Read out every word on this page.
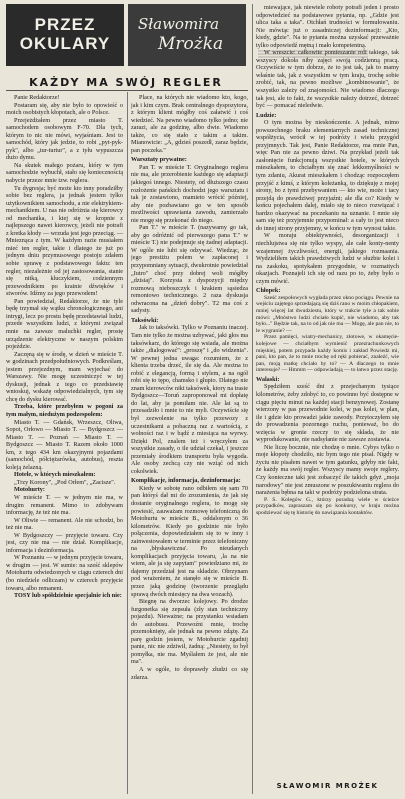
PRZEZ
OKULARY
Sławomira
Mrożka
KAŻDY MA SWÓJ REGLER

Panie Redaktorze!

Postaram się, aby nie było to opowieść o moich osobistych kłopotach, ale o Polsce.

Przejeżdżałem przez miasto T. samochodem osobowym F-70. Dla tych, którym to nic nie mówi, wyjaśniam. Jest to samochód, który jak jedzie, to robi „pyt-pyk-pyk", albo „tur-turtur", a z tyłu wypuszcza dużo dymu.

Na skutek małego pożaru, który w tym samochodzie wybuchł, stało się koniecznością nabycie przeze mnie tzw. reglera.

Tu dygresja; być może kto inny poradziłby sobie bez reglera, ja jednak jestem tylko użytkownikiem samochodu, a nie elektrykiem-mechanikiem. U nas nie odróżnia się kierowcy od mechanika, i kiej się w kropnie z najlepszego nawet kierowcy, jeżeli nie potrafi z kretka kłody — wrzuda jest jego przeciąg. — Mnieznąca z tym. W każdym razie musiałem mieć ten regler, takie i dlatego że już po jednym dniu przymusowego postoju zdałem sobie sprawę z podstawowego faktu: ten regler, niezależnie od jej zastosowania, stanie się nitką, kluczykiem, codziennym przewodnikiem po krainie dźwięków i stworów. Idźmy za jego przewodem!

Pan powiedział, Redaktorze, że nie tyle będę trzymał się wątku chronologicznego, ani intrygi, lecz po prostu będę przedstawiał ludzi, przede wszystkim ludzi, z którymi związał mnie na zawsze maluchki regler, prostę urządzenie elektryczne w naszym polskim pojeździe.

Zaczęną się w środę, w dzień w mieście T. w godzinach przedpołudniowych. Podkreślam, jestem przejezdnym, mam wyjechać do Warszawy. Nie mogę uczestniczyć w tej dyskusji, jednak z tego co przedstawię wnioskuj, wskażę odpowiedzialnych, tym się chcę do dysku kierować.

Trzeba, które przebyłem w pogoni za tym małym, niedużym podzespołem:

Miasto T. — Gdańsk, Wrzeszcz, Oliwa, Sopot, Orłowo — Miasto T. — Bydgoszcz — Miasto T. — Poznań — Miasto T. — Bydgoszcz — Miasto T. Razem około 1000 km, z tego 434 km okazyjnymi pojazdami (samochód, półciężarówka, autobus), reszta koleją żelazną.

Hotele, w których mieszkałem:

„Trzy Korony", „Pod Orłem", „Zacisze".

Motohurty:

W mieście T. — w jednym nie ma, w drugim remanent. Mimo to zdobywam informację, że też nie ma.

W Oliwie — remanent. Ale nie schodzi, bo też nie ma.

W Bydgoszczy — przyjęcie towaru. Czy jest, czy nie ma — nie dział. Komplikacje, informacja i dezinformacja.

W Poznaniu — w jednym przyjęcie towaru, w drugim — jest. W sumie: na sześć sklepów Motohurtu odwiedzonych w ciągu czterech dni (bo niedziele odliczam) w czterech przyjęcie towaru, albo remanent.

TOSY lub spółdzielnie specjalnie ich nie:

Place, na których nie wiadomo kto, kogo, jak i kim czym. Brak centralnego dyspozytora, z którym klient mógłby coś załatwić i coś wiedzieć. Na pewno wiadomo tylko jedno; nie zarazi, ale za godzinę, albo dwie. Wiadomo także, co się stało z takim a takim. Mianowicie: „A, gdzieś poszedł, zaraz będzie, pan poczeka."

Warsztaty prywatne:

Pan T. w mieście T. Oryginalnego reglera nie ma, ale przerobienie każdego się adaptacji jakiegoś innego. Niestety, od dłuższego czasu rozłożenie pańskich dochodzi jego warsztatu i tak je zostawiono, mamieto wrócić później, aby nie pozbawiano go w ten sposób możliwości uprawiania zawodu, zamierzało nie mogę się przekonać do niego.

Pan T." w mieście T. (nazywamy go tak, aby go odróżnić od pierwszego pana T." w mieście T.) nie podejmuje się żadnej adaptacji. W ogóle nie lubi się odzywać. Wiedząc, że jego prestiżu polem w zapłaconej i przypomniany sytuacji, dwukrotnie powiedział „Iutro" choć przy dobrej woli mógłby „dzisiaj". Korzysta z dyspozycji między rozmową nieboszczyk i krakiem sąsiedza remontowo technicznego. 2 raza dyskusja odwracona na „dzień dobry". T2 ma coś z sadysty.

Taksówki:

Jak to taksówki. Tylko w Poznaniu inaczej. Tam nie tylko że można uzbywać, jaki głos ma taksówkarz, do którego się wsiada, ale można także „dialogować": „proszę" i „do widzenia". W pewnej jedna uwaga: rozumiem, że z klienta trzeba drzeć, ile się da. Ale można to robić z elegancją, formą i stylem, a na ogół robi się to tępo, chamsko i głupio. Dlatego nie znam kierowców nikt taksówek, ktory na trasie Bydgoszcz—Toruń zaproponował mi dopłatę do lat, aby ja pomiłam nie. Ale lat są to przesadziło i mnie to nie myli. Oczywiście się był zezwolenie na tylko przewozy z uczestnikami a pobaczną raz z wartością, z wolności raz i w bądź z miesiąca na wyrwy. Dzięki Pol, znalem też i wręczyłem za wszystkie zasady, o ile udział czekał, i jeszcze przemiały środkiem transportu była wygoda. Ale osoby zechcą czy nie wziąć od nich cokolwiek.

Komplikacje, informacja, dezinformacja:

Kiedy w sobotę rano odbiłem się sam 70 pan któryś dał mi do zrozumienia, że jak się dostanie oryginalnego reglera, to mogę się powiesić, zauważam rozmowę telefoniczną do Motohurtu w mieście B., oddalonym o 36 kilometrów. Kiedy po godzinie nie było połączenia, dopowiedziałem się to w inny i zainwestowałem w terminie przez telefoniczny na ‚błyskawiczna'. Po nieudanych komplikacjach przyjęcia towaru, ‚la na nie wiem, ale ja się zapytam" powiedziano mi, że dajemy przedział jest na składzie. Obrzynam pod wrażeniem, że stanęło się w mieście B. przez jaką godzinę (tworzenie przeglądu sprawą dwóch miesięcy na dwa wozach).

Biegnę na dworzec kolejowy. Po drodze furgonetka się zepsuła (zły stan techniczny pojazdu). Nieważne; na przystanku wsiadam do autobusu. Przewoźni mnie, trochę przemoknięty, ale jednak na pewno zdążę. Za parę godzin jestem, w Motohurcie zgadnij panie, nic nie zdziwił, żadną: „Niestety, to był pomyłka, nie ma. Myślałem że jest, ale nie ma".

A w ogóle, to doprawdy złudzi co się zdarza.

miewające, jak niewiele roboty potrafi jeden i prosto odpowiedzieć na podstawowe pytania, np. „Gdzie jest ulica taka a taka". Otchłań trudności w formułowaniu. Nie mówiąc już o zasadniczej dezinformacji: „Kto, kiedy, gdzie". Na te pytania można uzyskać przeważnie tylko odpowiedź mętną i mało kompetentną.

W wreszcie: całkowite pomieszanie roli takiego, tak wszyscy dokoła niby zajęci swoją codzienną pracą. Oczywiście w tym dobrze, że to jest tak, jak to mamy właśnie tak, jak z wszystkim w tym kraju, trochę sobie zrobić, tak, na pewno możliwe „kombinowanie", że wszystko zależy od znajomości. Nie wiadomo dlaczego tak jest, ale to fakt, że wszystkie należy dotrzeć, dotrzeć być — pomacać nieledwie.

Ludzie:

O tym można by nieskończenie. A jednak, mimo powszechnego braku elementarnych zasad technicznej współżycia, wrócił w tej podróży i wielu przygód przyjmnych. Tak jest, Panie Redaktorze, ma mnie Pan, więc Pan nie za pewno dziwi. Na przykład jeżeli tak zasłonięcie funkcjonują wszystkie hotele, w których mieszkałem, to chciałbym się znać lekkomyślności w tym zdaniu, Akurat mieszkałem i chodząc rozpoczęłem przyjść z kimś, z którym koleżanką, to dziękuję z mojej strony, bo z tymi przebywaniem — kto wie, może i tacy przejdą do prawdziwej przyjaźni; ale dla co? Kiedy w końcu pojechałem dalej, miało się to nieco rozwiązać i bardzo okazywać na poczekaniu na uznanie. I mnie się sam się też przyjemnie przypominał: a cały to jest nieco do innej strony przyjemny, w końcu w tym wynosi takie.

W moraju obiektywności, desorganizacji i niechlujstwa się nie tylko wyspy, ale całe konty-nenty wzajemnej życzliwości, energii, jakiego rozmaania. Wydzieliłem takich prawdziwych ludzi w służbie kolei i na zaskoku, spotykałem przygodnie, w rozmaitych okazjach. Poznajeli ich się od razu po to, żeby było o czym mówić.

Chłopek:

Sześć zespołowych wygłada przez okno pociągu. Pewnie na wejściu zajętego sprzedającą się dziś rano w moim chłopakiem, mniej więcej lat dwudziestu, który w trakcie tyle a tak sobie mówi: „Mnóstwo ludzi chciało kupić, nie wiadomo, aby tak było..." Będzie tak, na to od jak nie ma — Mogę, ale pan nie, to le wygranie? —

Przez pamięci, wiatry-mechanicy, złotowe, w okamęcie-kolejowe — chciałbym wymienić przezrachunkowych mięskiej, potem przypada każdy komis i zakład Powiedz mi, pani, kto pan, że to mnie trochę od ręki pobierać, znaleźć, wie pan, moją matkę chciało by to? — A dlaczego to mnie interesuje? — Hmmm — odpowiadają — to łatwo przez stację.

Walaski:

Spędziłem sześć dni z przejechanym tysiące kilometrów, żeby zdobyć to, co powinno być dostępne w ciągu pięciu minut na każdej stacji benzynowej. Zostanę wierzony w pas przewodnie kolei, w pas kolei, w plan, ile i gdzie kto prowadzi jakie zawody. Przytoczyłem się do prowadzenia pozornego ruchu, ponieważ, bo do wzięcia w gronie rzeczy to się składa, że nie wyprodukowanie, nie nadsyłanie nie zawsze zostawia.

Nie liczę bocznie, nie chodzę o mnie. Cybys tylko o moje kłopoty chodziło, nic bym tego nie pisał. Nigdy w życiu nie pisałem nawet w tym gatunku, gdyby nie fakt, że każdy ma swój regler. Wszyscy mamy swoje reglery. Czy konieczne taki jest zobaczyć ile takich gdyż „moja narodowy" nie jest zmuszone w poszukiwaniu reglera do narażenia bębna na taki w podróży podzielona strata.

P. S. Kolegów G., którzy poradzą wiele w ścieżce przypadków, zapraszam się po konkursy, w kraju można spodziewać się tę historię do nawiązania kontaktów.

SŁAWOMIR MROŻEK
